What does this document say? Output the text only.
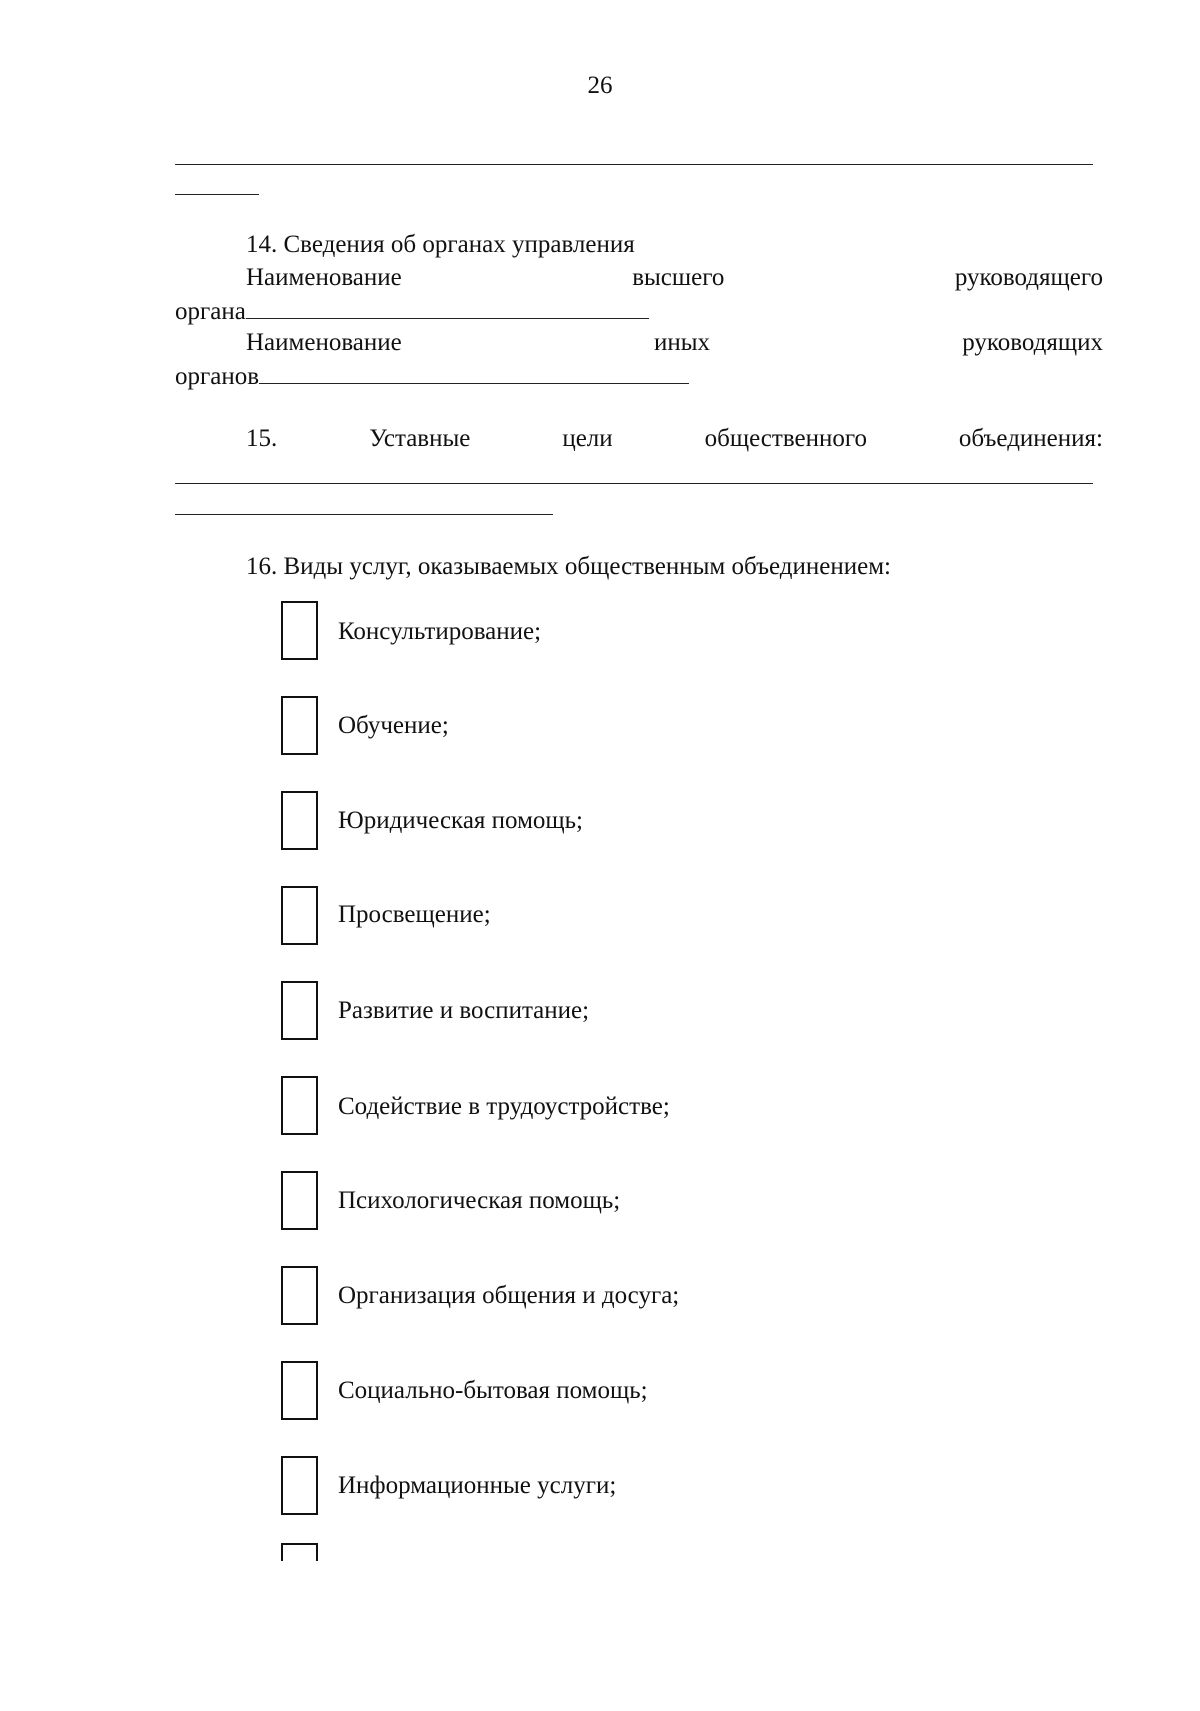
26
14. Сведения об органах управления
Наименование	высшего	руководящего
органа
Наименование	иных	руководящих
органов
15.	Уставные	цели	общественного	объединения:
16. Виды услуг, оказываемых общественным объединением:
Консультирование;
Обучение;
Юридическая помощь;
Просвещение;
Развитие и воспитание;
Содействие в трудоустройстве;
Психологическая помощь;
Организация общения и досуга;
Социально-бытовая помощь;
Информационные услуги;
